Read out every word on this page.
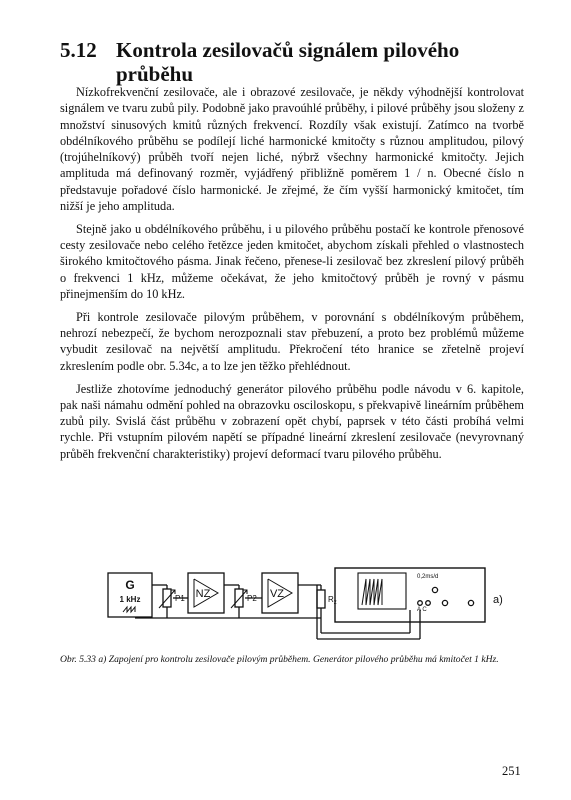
5.12 Kontrola zesilovačů signálem pilového
průběhu

Nízkofrekvenční zesilovače, ale i obrazové zesilovače, je někdy výhodnější kontrolovat signálem ve tvaru zubů pily. Podobně jako pravoúhlé průběhy, i pilové průběhy jsou složeny z množství sinusových kmitů různých frekvencí. Rozdíly však existují. Zatímco na tvorbě obdélníkového průběhu se podílejí liché harmonické kmitočty s různou amplitudou, pilový (trojúhelníkový) průběh tvoří nejen liché, nýbrž všechny harmonické kmitočty. Jejich amplituda má definovaný rozměr, vyjádřený přibližně poměrem 1 / n. Obecné číslo n představuje pořadové číslo harmonické. Je zřejmé, že čím vyšší harmonický kmitočet, tím nižší je jeho amplituda.

Stejně jako u obdélníkového průběhu, i u pilového průběhu postačí ke kontrole přenosové cesty zesilovače nebo celého řetězce jeden kmitočet, abychom získali přehled o vlastnostech širokého kmitočtového pásma. Jinak řečeno, přenese-li zesilovač bez zkreslení pilový průběh o frekvenci 1 kHz, můžeme očekávat, že jeho kmitočtový průběh je rovný v pásmu přinejmenším do 10 kHz.

Při kontrole zesilovače pilovým průběhem, v porovnání s obdélníkovým průběhem, nehrozí nebezpečí, že bychom nerozpoznali stav přebuzení, a proto bez problémů můžeme vybudit zesilovač na největší amplitudu. Překročení této hranice se zřetelně projeví zkreslením podle obr. 5.34c, a to lze jen těžko přehlédnout.

Jestliže zhotovíme jednoduchý generátor pilového průběhu podle návodu v 6. kapitole, pak naši námahu odmění pohled na obrazovku osciloskopu, s překvapivě lineárním průběhem zubů pily. Svislá část průběhu v zobrazení opět chybí, paprsek v této části probíhá velmi rychle. Při vstupním pilovém napětí se případné lineární zkreslení zesilovače (nevyrovnaný průběh frekvenční charakteristiky) projeví deformací tvaru pilového průběhu.

G
1 kHz	P1 NZ	P2 VZ	$R_z$
0,2ms/d
A C
a)
Obr. 5.33 a) Zapojení pro kontrolu zesilovače pilovým průběhem. Generátor pilového průběhu má kmitočet 1 kHz.
251
